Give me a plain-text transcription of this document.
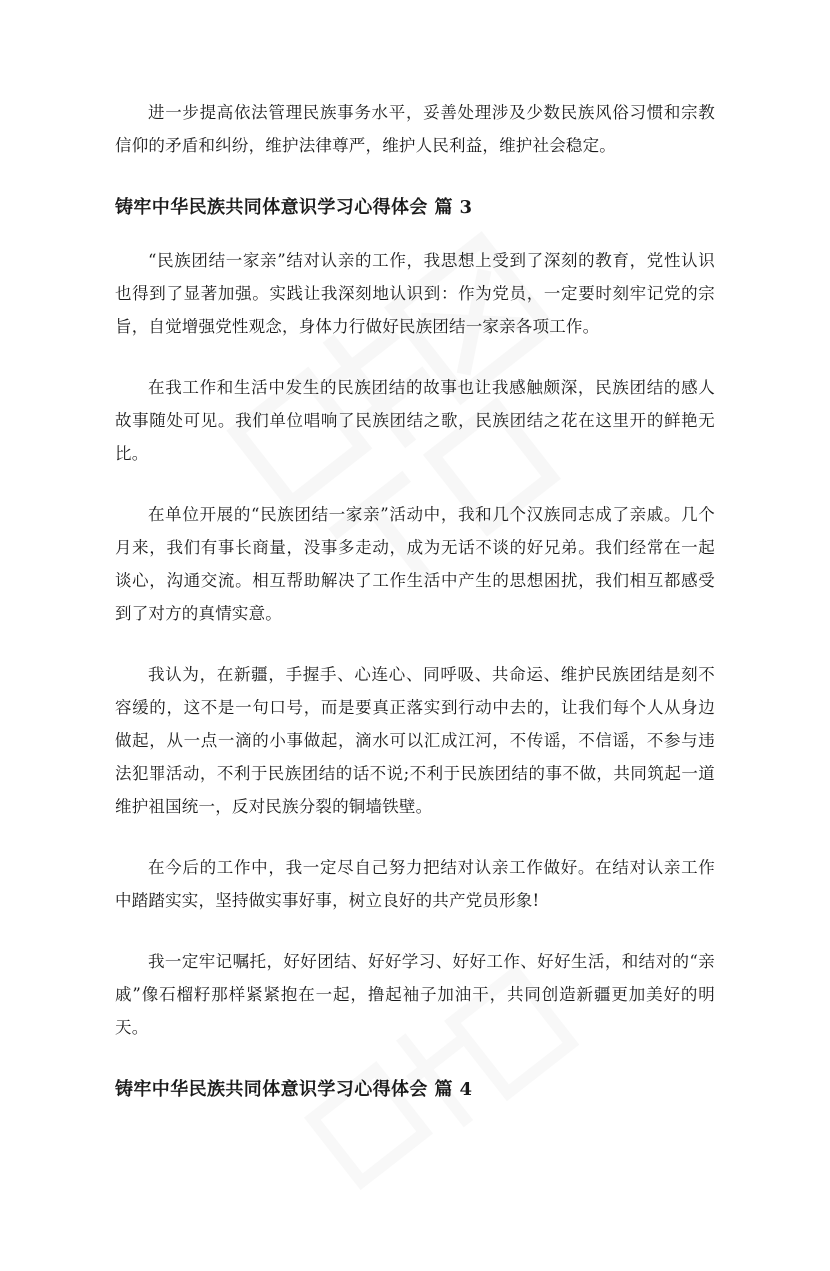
进一步提高依法管理民族事务水平，妥善处理涉及少数民族风俗习惯和宗教信仰的矛盾和纠纷，维护法律尊严，维护人民利益，维护社会稳定。

铸牢中华民族共同体意识学习心得体会 篇 3

“民族团结一家亲”结对认亲的工作，我思想上受到了深刻的教育，党性认识也得到了显著加强。实践让我深刻地认识到：作为党员，一定要时刻牢记党的宗旨，自觉增强党性观念，身体力行做好民族团结一家亲各项工作。

在我工作和生活中发生的民族团结的故事也让我感触颇深，民族团结的感人故事随处可见。我们单位唱响了民族团结之歌，民族团结之花在这里开的鲜艳无比。

在单位开展的“民族团结一家亲”活动中，我和几个汉族同志成了亲戚。几个月来，我们有事长商量，没事多走动，成为无话不谈的好兄弟。我们经常在一起谈心，沟通交流。相互帮助解决了工作生活中产生的思想困扰，我们相互都感受到了对方的真情实意。

我认为，在新疆，手握手、心连心、同呼吸、共命运、维护民族团结是刻不容缓的，这不是一句口号，而是要真正落实到行动中去的，让我们每个人从身边做起，从一点一滴的小事做起，滴水可以汇成江河，不传谣，不信谣，不参与违法犯罪活动，不利于民族团结的话不说;不利于民族团结的事不做，共同筑起一道维护祖国统一，反对民族分裂的铜墙铁壁。

在今后的工作中，我一定尽自己努力把结对认亲工作做好。在结对认亲工作中踏踏实实，坚持做实事好事，树立良好的共产党员形象!

我一定牢记嘱托，好好团结、好好学习、好好工作、好好生活，和结对的“亲戚”像石榴籽那样紧紧抱在一起，撸起袖子加油干，共同创造新疆更加美好的明天。

铸牢中华民族共同体意识学习心得体会 篇 4
